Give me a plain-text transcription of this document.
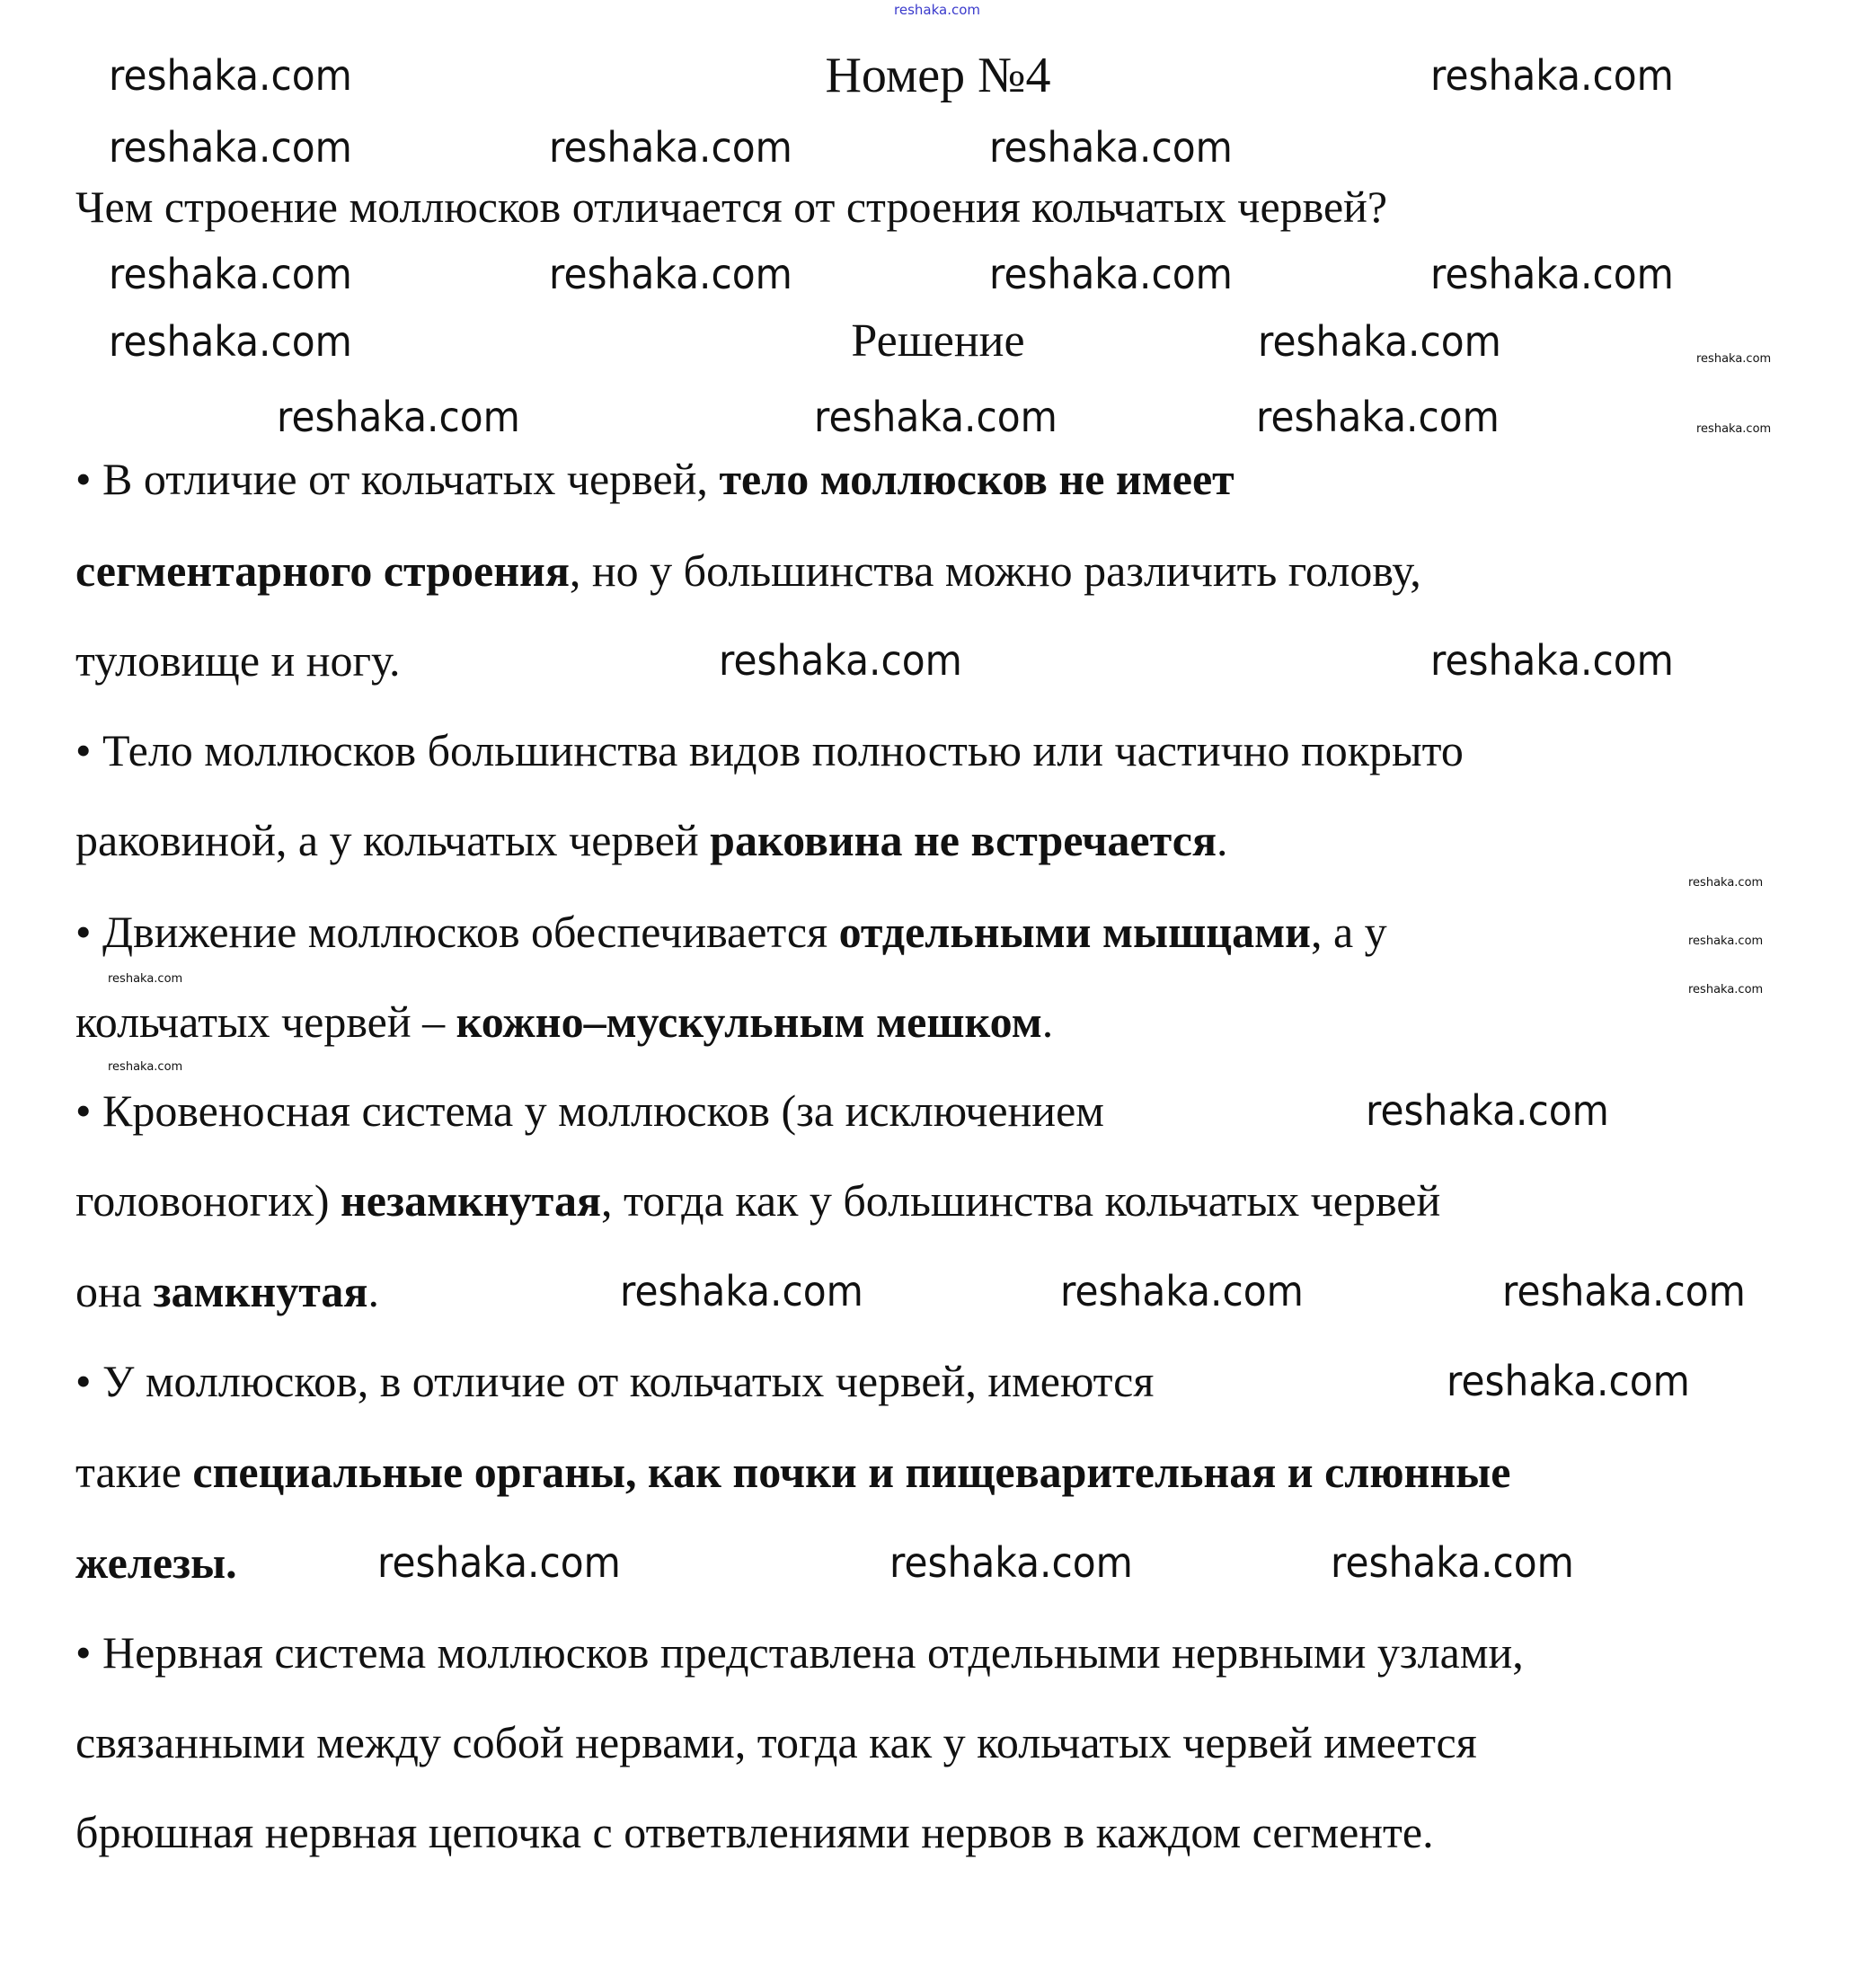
reshaka.com
Номер №4
Чем строение моллюсков отличается от строения кольчатых червей?
Решение
• В отличие от кольчатых червей, тело моллюсков не имеет
сегментарного строения, но у большинства можно различить голову,
туловище и ногу.
• Тело моллюсков большинства видов полностью или частично покрыто
раковиной, а у кольчатых червей раковина не встречается.
• Движение моллюсков обеспечивается отдельными мышцами, а у
кольчатых червей – кожно–мускульным мешком.
• Кровеносная система у моллюсков (за исключением
головоногих) незамкнутая, тогда как у большинства кольчатых червей
она замкнутая.
• У моллюсков, в отличие от кольчатых червей, имеются
такие специальные органы, как почки и пищеварительная и слюнные
железы.
• Нервная система моллюсков представлена отдельными нервными узлами,
связанными между собой нервами, тогда как у кольчатых червей имеется
брюшная нервная цепочка с ответвлениями нервов в каждом сегменте.
reshaka.com	reshaka.com
reshaka.com	reshaka.com	reshaka.com
reshaka.com	reshaka.com	reshaka.com	reshaka.com
reshaka.com	reshaka.com
reshaka.com	reshaka.com	reshaka.com
reshaka.com	reshaka.com
reshaka.com
reshaka.com	reshaka.com	reshaka.com
reshaka.com
reshaka.com	reshaka.com	reshaka.com
reshaka.com
reshaka.com
reshaka.com
reshaka.com
reshaka.com
reshaka.com
reshaka.com
